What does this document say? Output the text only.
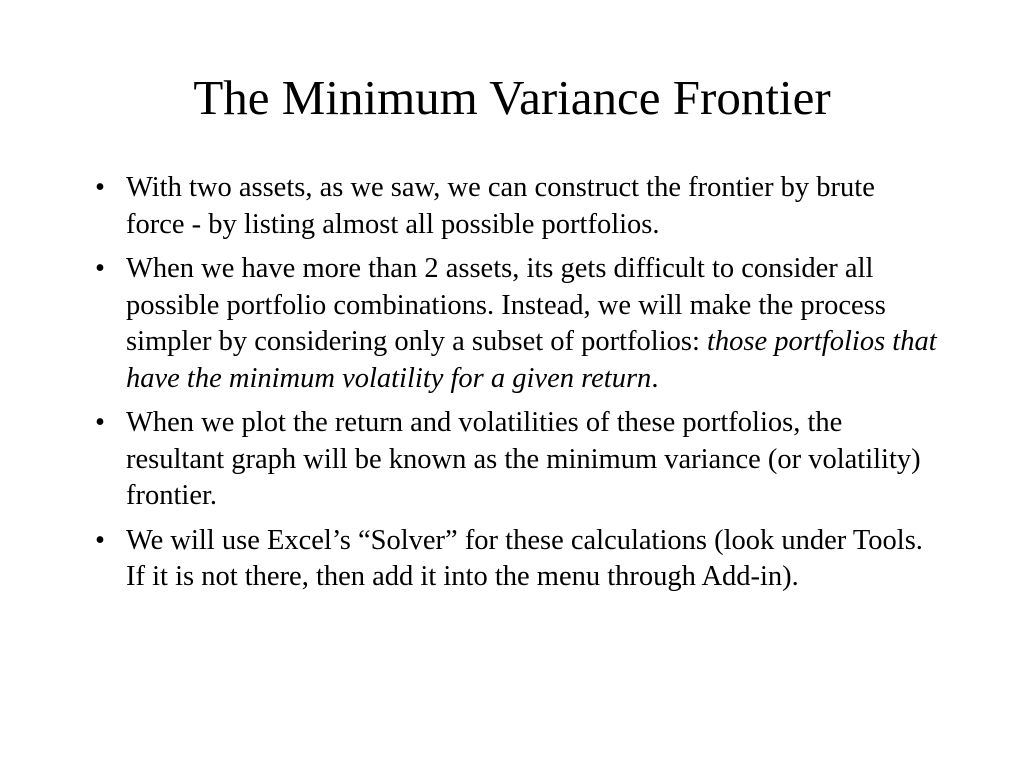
The Minimum Variance Frontier
• With two assets, as we saw, we can construct the frontier by brute force - by listing almost all possible portfolios.
• When we have more than 2 assets, its gets difficult to consider all possible portfolio combinations. Instead, we will make the process simpler by considering only a subset of portfolios: those portfolios that have the minimum volatility for a given return.
• When we plot the return and volatilities of these portfolios, the resultant graph will be known as the minimum variance (or volatility) frontier.
• We will use Excel’s “Solver” for these calculations (look under Tools. If it is not there, then add it into the menu through Add-in).
